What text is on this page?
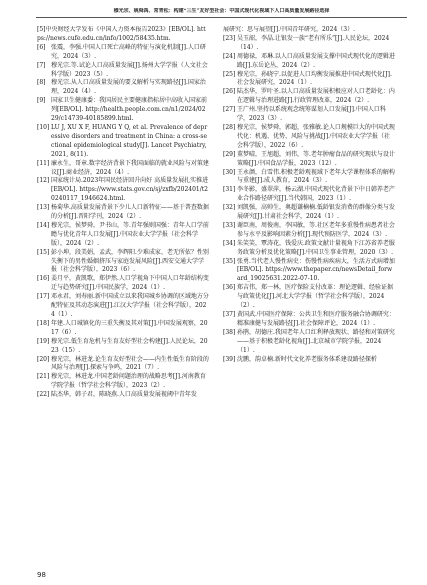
穆光宗、姚舜禹、常青松：构建“三生”友好型社会：中国式现代化视域下人口高质量发展路径选择

[5]中央财经大学发布《中国人力资本报告2023》[EB/OL]. https://news.cufe.edu.cn/info/1002/58435.htm.

[6] 张震，李强.中国人口死亡高峰的特征与演化机制[J].人口研究，2024（3）.

[7] 穆光宗.等.试论人口高质量发展[J].扬州大学学报（人文社会科学版）2023（5）.

[8] 穆光宗.从人口高质量发展的要义解析与实现路径[J].国家治理，2024（4）.

[9] 国家卫生健康委：我国居民主要健康指标居中高收入国家前列[EB/OL]. http://health.people.com.cn/n1/2024/0229/c14739-40185899.html.

[10] LU J, XU X F, HUANG Y Q, et al. Prevalence of depressive disorders and treatment in China: a cross-sectional epidemiological study[J]. Lancet Psychiatry, 2021, 8(11).

[11] 廉永生，哥章.数字经济背景下我国面临的就业风险与对策建议[J].商业经济，2024（4）.

[12] 国家统计局.2023年国民经济回升向好 高质量发展扎实推进[EB/OL]. https://www.stats.gov.cn/sj/zxfb/202401/t20240117_1946624.html.

[13] 杨菊华.高质量发展背景下少儿人口新特征——基于普查数据的分析[J].晋阳学刊，2024（2）.

[14] 穆光宗，侯梦舜，尹书山，等.青年强则国强：青年人口学前瞻与优化青年人口发展[J].中国农业大学学报（社会科学版），2024（2）.

[15] 彭小坤，段美娟，孟武，李辉阳.少难成家、老无所依？性别失衡下的男性婚姻挤压与家庭发展风险[J].西安交通大学学报（社会科学版），2023（6）.

[16] 姜月平，黄凯歌，郑伊然.人口学视角下中国人口年龄结构变迁与趋势研究[J].中国民族学，2024（1）.

[17] 邓永君，刘寿丽.新中国成立以来我国城乡协调的区域地方分配特征及其动态演进[J].江汉大学学报（社会科学版），2024（1）.

[18] 年建.人口城镇化的三重失衡及其对策[J].中国发展观察，2017（6）.

[19] 穆光宗.低生育危机与生育友好型社会构建[J].人民论坛，2023（15）.

[20] 穆光宗，林进龙.论生育友好型社会——内生性低生育阶段的风险与治理[J].探索与争鸣，2021（7）.

[21] 穆光宗，林进龙.中国老龄问题治理的战略思考[J].河南教育学院学报（哲学社会科学版），2023（2）.

[22] 陆杰华，韩子君，陈晓燕.人口高质量发展视阈中青年发

展研究：思与展望[J].中国青年研究，2024（3）.

[23] 吴玉韶，李晶.让银发一族“老有所乐”[J].人民论坛，2024（14）.

[24] 周德禄，邓琳.以人口高质量发展支撑中国式现代化的逻辑进路[J].东岳论丛，2024（2）.

[25] 穆光宗，孙晓宁.以促进人口均衡发展推进中国式现代化[J].社会发展研究，2024（1）.

[26] 陆杰华，罗叶圣.以人口高质量发展积极应对人口老龄化：内在逻辑与治理进路[J].行政管理改革，2024（2）.

[27] 王广州.坚持以系统观念统筹谋划人口发展[J].中国人口科学，2023（3）.

[28] 穆光宗，侯梦舜，郭超，张雅敏.论人口规模巨大的中国式现代化：机遇、优势、风险与挑战[J].中国农业大学学报（社会科学版），2022（6）.

[29] 董梦晴，王旭超，刘伟，等.老年肿瘤食品的研究现状与设计策略[J].中国食品学报，2023（12）.

[30] 王永颜，白雪伟.积极老龄观视域下老年大学课程体系的解构与重建[J].成人教育，2024（3）.

[31] 李冬影，盛翠萍，杨云湖.中国式现代化背景下中日韩养老产业合作路径研究[J].当代韩国，2023（1）.

[32] 刘凯强，高帅生，奥超谦楠楠.低龄银发消费的群像分类与发展研究[J].甘肃社会科学，2024（1）.

[33] 谢臣南，周俊南，李国敏，等.社区老年多重慢性病患者社会参与水平及影响因素分析[J].现代预防医学，2024（3）.

[34] 朱笑笑，覃涛花，钱爱庆.政策文献计量视角下江苏省养老服务政策分析及优化策略[J].中国卫生事业管理，2020（3）.

[35] 张勇.当代老人慢性病史：伤慢性病疾病大，生活方式病增加[EB/OL]. https://www.thepaper.cn/newsDetail_forward_19025631.2022-07-10.

[36] 郑吉伟，郑一林，医疗保险支付改革：理论逻辑、经验证据与政策优化[J].河北大学学报（哲学社会科学版），2024（2）.

[37] 黄国武.中国医疗保障：公共卫生和医疗服务融合协调研究：精准康健与发展路径[J].社会保障评论，2024（1）.

[38] 孙鹃，胡德庄.我国老年人口红利释放现状、路径和对策研究——基于积极老龄化视角[J].北京城市学院学报，2024（1）.

[39] 沈鹏，韵卓楠.新时代文化养老服务体系建设路径探析

98
